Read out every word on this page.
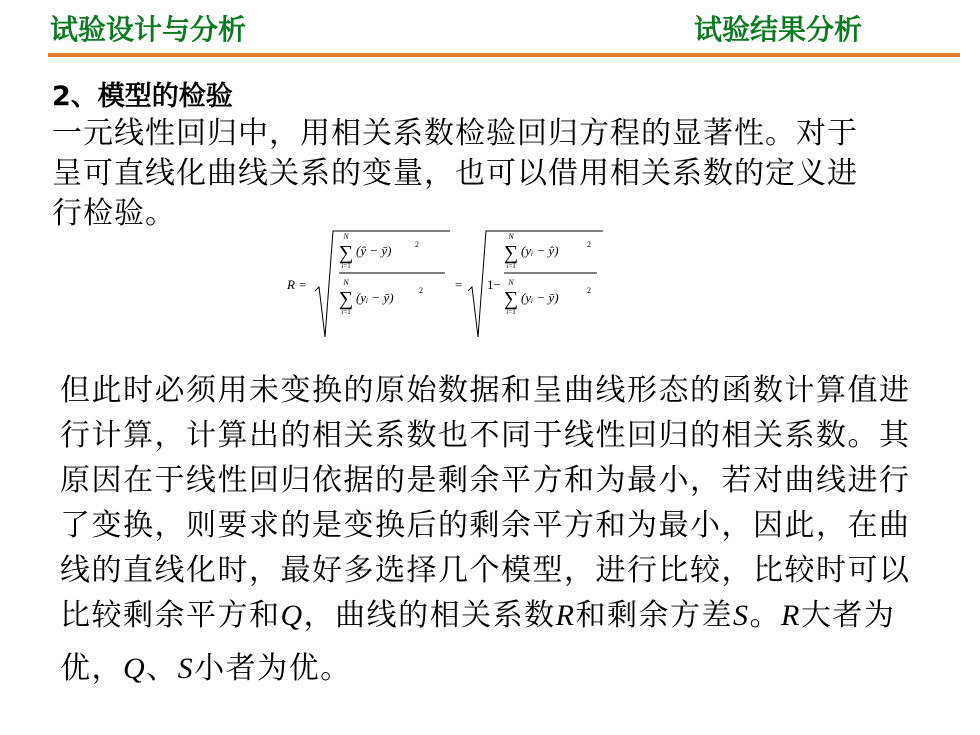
试验设计与分析	试验结果分析
2、模型的检验
一元线性回归中，用相关系数检验回归方程的显著性。对于
呈可直线化曲线关系的变量，也可以借用相关系数的定义进
行检验。
R =
N
∑
i=1
(ŷ − ȳ)	2
N
∑
i=1
(yᵢ − ȳ)	2 = 1−
N
∑
i=1
(yᵢ − ŷ)	2
N
∑
i=1
(yᵢ − ȳ)	2
但此时必须用未变换的原始数据和呈曲线形态的函数计算值进
行计算，计算出的相关系数也不同于线性回归的相关系数。其
原因在于线性回归依据的是剩余平方和为最小，若对曲线进行
了变换，则要求的是变换后的剩余平方和为最小，因此，在曲
线的直线化时，最好多选择几个模型，进行比较，比较时可以
比较剩余平方和Q，曲线的相关系数R和剩余方差S。R大者为
优，Q、S小者为优。
